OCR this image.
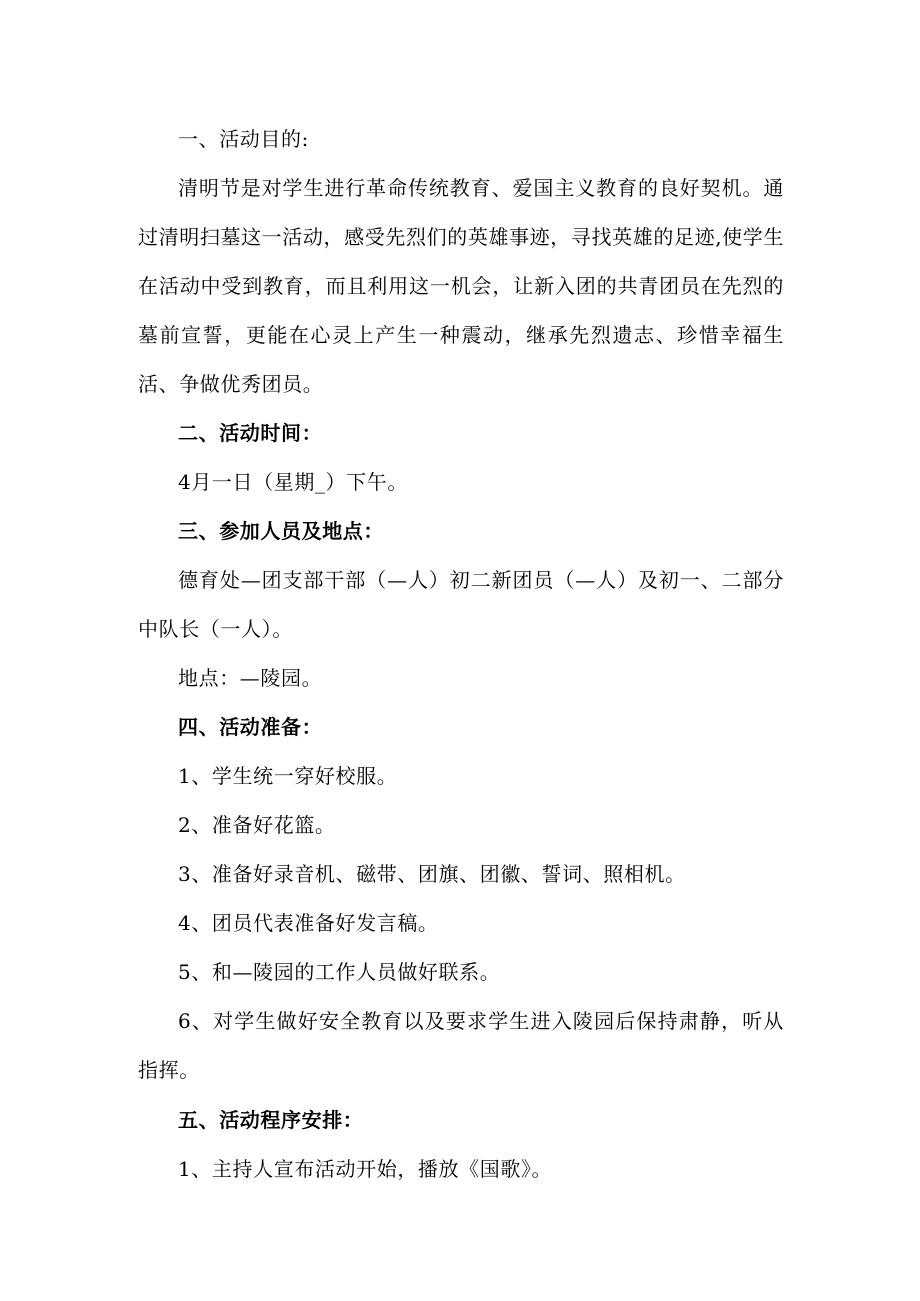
一、活动目的:

清明节是对学生进行革命传统教育、爱国主义教育的良好契机。通过清明扫墓这一活动，感受先烈们的英雄事迹，寻找英雄的足迹,使学生在活动中受到教育，而且利用这一机会，让新入团的共青团员在先烈的墓前宣誓，更能在心灵上产生一种震动，继承先烈遗志、珍惜幸福生活、争做优秀团员。

二、活动时间：

4月一日（星期_）下午。

三、参加人员及地点：

德育处—团支部干部（—人）初二新团员（—人）及初一、二部分中队长（一人）。

地点：—陵园。

四、活动准备：

1、学生统一穿好校服。

2、准备好花篮。

3、准备好录音机、磁带、团旗、团徽、誓词、照相机。

4、团员代表准备好发言稿。

5、和—陵园的工作人员做好联系。

6、对学生做好安全教育以及要求学生进入陵园后保持肃静，听从指挥。

五、活动程序安排：

1、主持人宣布活动开始，播放《国歌》。
